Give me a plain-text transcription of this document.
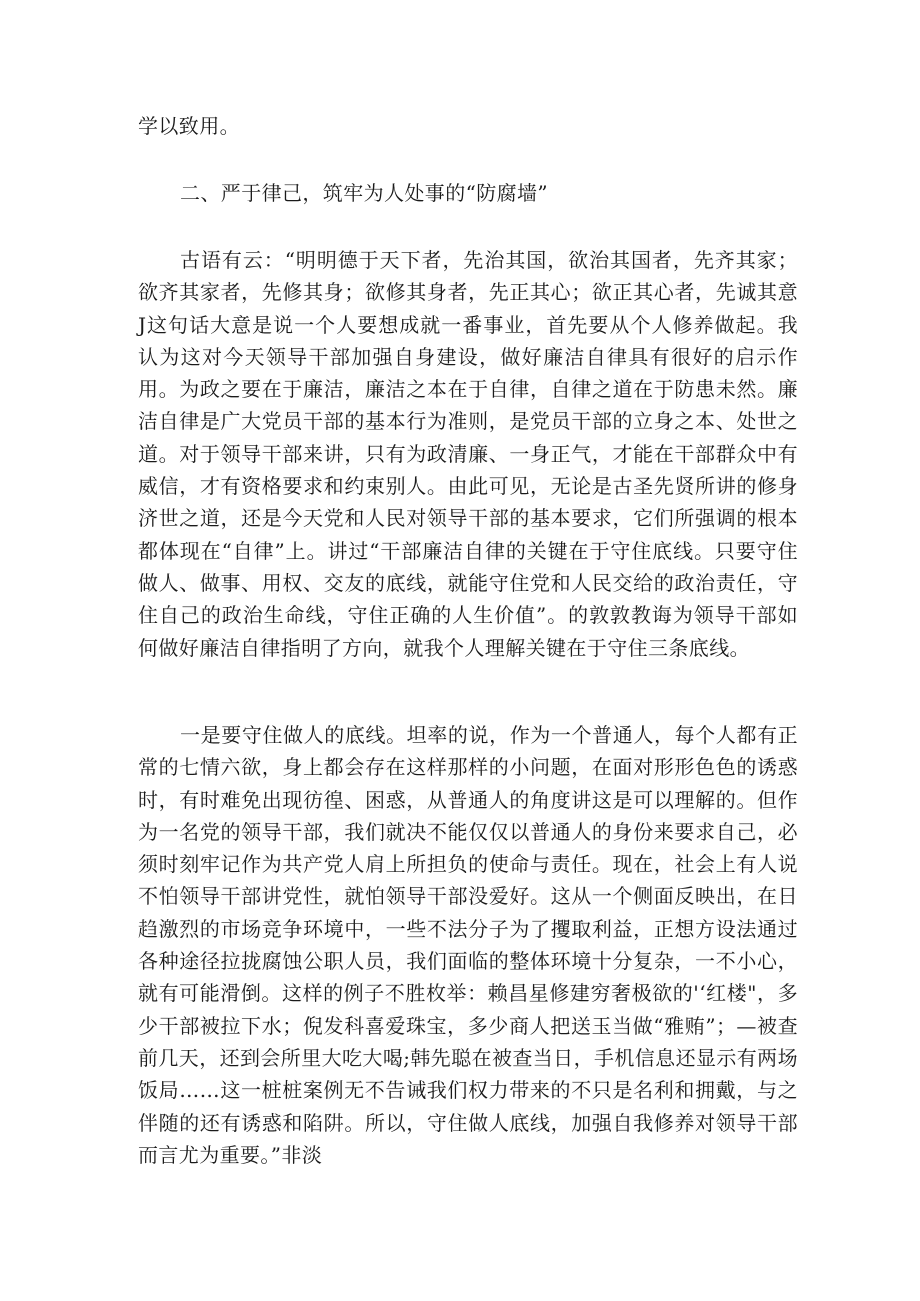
学以致用。

二、严于律己，筑牢为人处事的“防腐墙”

古语有云：“明明德于天下者，先治其国，欲治其国者，先齐其家；欲齐其家者，先修其身；欲修其身者，先正其心；欲正其心者，先诚其意J这句话大意是说一个人要想成就一番事业，首先要从个人修养做起。我认为这对今天领导干部加强自身建设，做好廉洁自律具有很好的启示作用。为政之要在于廉洁，廉洁之本在于自律，自律之道在于防患未然。廉洁自律是广大党员干部的基本行为准则，是党员干部的立身之本、处世之道。对于领导干部来讲，只有为政清廉、一身正气，才能在干部群众中有威信，才有资格要求和约束别人。由此可见，无论是古圣先贤所讲的修身济世之道，还是今天党和人民对领导干部的基本要求，它们所强调的根本都体现在“自律”上。讲过“干部廉洁自律的关键在于守住底线。只要守住做人、做事、用权、交友的底线，就能守住党和人民交给的政治责任，守住自己的政治生命线，守住正确的人生价值”。的敦敦教诲为领导干部如何做好廉洁自律指明了方向，就我个人理解关键在于守住三条底线。

一是要守住做人的底线。坦率的说，作为一个普通人，每个人都有正常的七情六欲，身上都会存在这样那样的小问题，在面对形形色色的诱惑时，有时难免出现彷徨、困惑，从普通人的角度讲这是可以理解的。但作为一名党的领导干部，我们就决不能仅仅以普通人的身份来要求自己，必须时刻牢记作为共产党人肩上所担负的使命与责任。现在，社会上有人说不怕领导干部讲党性，就怕领导干部没爱好。这从一个侧面反映出，在日趋激烈的市场竞争环境中，一些不法分子为了攫取利益，正想方设法通过各种途径拉拢腐蚀公职人员，我们面临的整体环境十分复杂，一不小心，就有可能滑倒。这样的例子不胜枚举：赖昌星修建穷奢极欲的'‘红楼"，多少干部被拉下水；倪发科喜爱珠宝，多少商人把送玉当做“雅贿”；—被查前几天，还到会所里大吃大喝;韩先聪在被查当日，手机信息还显示有两场饭局……这一桩桩案例无不告诫我们权力带来的不只是名利和拥戴，与之伴随的还有诱惑和陷阱。所以，守住做人底线，加强自我修养对领导干部而言尤为重要。”非淡
